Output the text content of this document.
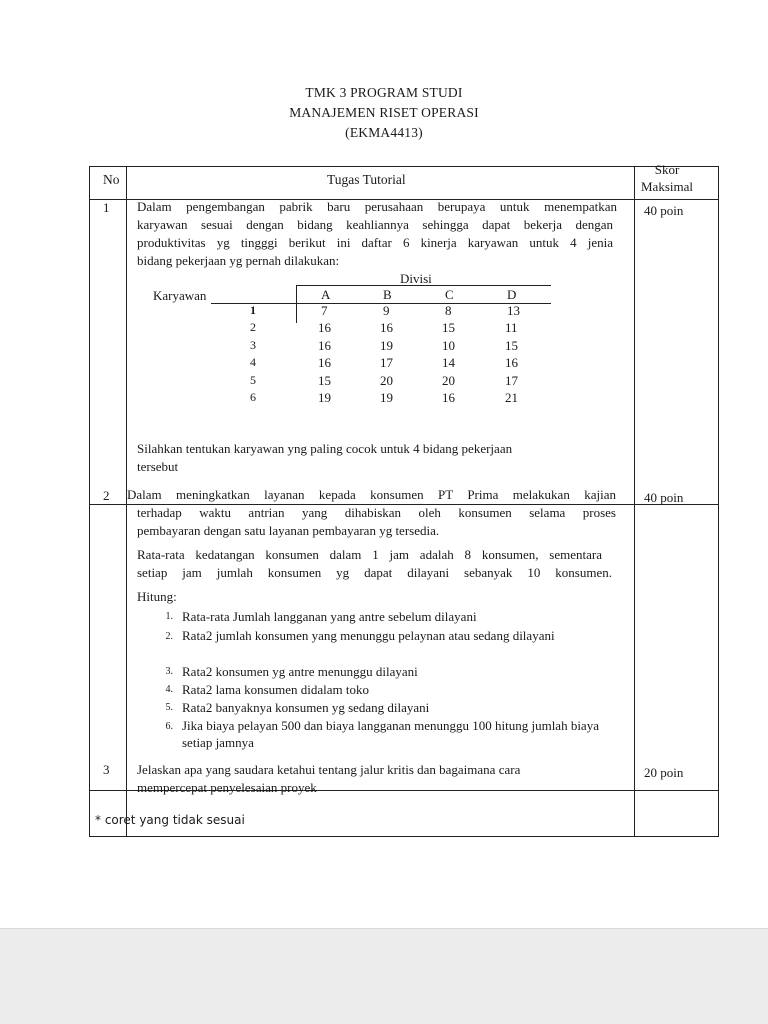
TMK 3 PROGRAM STUDI
MANAJEMEN RISET OPERASI
(EKMA4413)
No	Tugas Tutorial
Skor Maksimal
1 Dalam pengembangan pabrik baru perusahaan berupaya untuk menempatkan
karyawan sesuai dengan bidang keahliannya sehingga dapat bekerja dengan
produktivitas yg tingggi berikut ini daftar 6 kinerja karyawan untuk 4 jenia
bidang pekerjaan yg pernah dilakukan:
40 poin
Divisi
Karyawan	A	B	C	D
1	7	9	8	13
2	16	16	15	11
3	16	19	10	15
4	16	17	14	16
5	15	20	20	17
6	19	19	16	21
Silahkan tentukan karyawan yng paling cocok untuk 4 bidang pekerjaan
tersebut
2 Dalam meningkatkan layanan kepada konsumen PT Prima melakukan kajian
terhadap waktu antrian yang dihabiskan oleh konsumen selama proses
pembayaran dengan satu layanan pembayaran yg tersedia.
40 poin
Rata-rata kedatangan konsumen dalam 1 jam adalah 8 konsumen, sementara
setiap jam jumlah konsumen yg dapat dilayani sebanyak 10 konsumen.
Hitung:
1. Rata-rata Jumlah langganan yang antre sebelum dilayani
2. Rata2 jumlah konsumen yang menunggu pelaynan atau sedang dilayani
3. Rata2 konsumen yg antre menunggu dilayani
4. Rata2 lama konsumen didalam toko
5. Rata2 banyaknya konsumen yg sedang dilayani
6. Jika biaya pelayan 500 dan biaya langganan menunggu 100 hitung jumlah biaya setiap jamnya
3 Jelaskan apa yang saudara ketahui tentang jalur kritis dan bagaimana cara
mempercepat penyelesaian proyek
20 poin
* coret yang tidak sesuai
